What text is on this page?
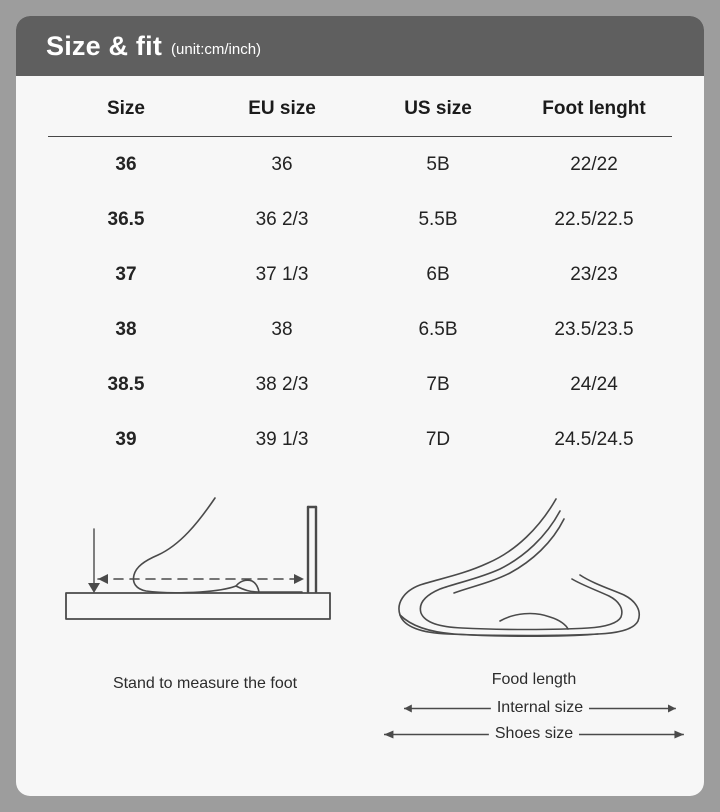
Size & fit (unit:cm/inch)
Size	EU size	US size	Foot lenght
36	36	5B	22/22
36.5	36 2/3	5.5B	22.5/22.5
37	37 1/3	6B	23/23
38	38	6.5B	23.5/23.5
38.5	38 2/3	7B	24/24
39	39 1/3	7D	24.5/24.5
Stand to measure the foot	Food length
Internal size
Shoes size
